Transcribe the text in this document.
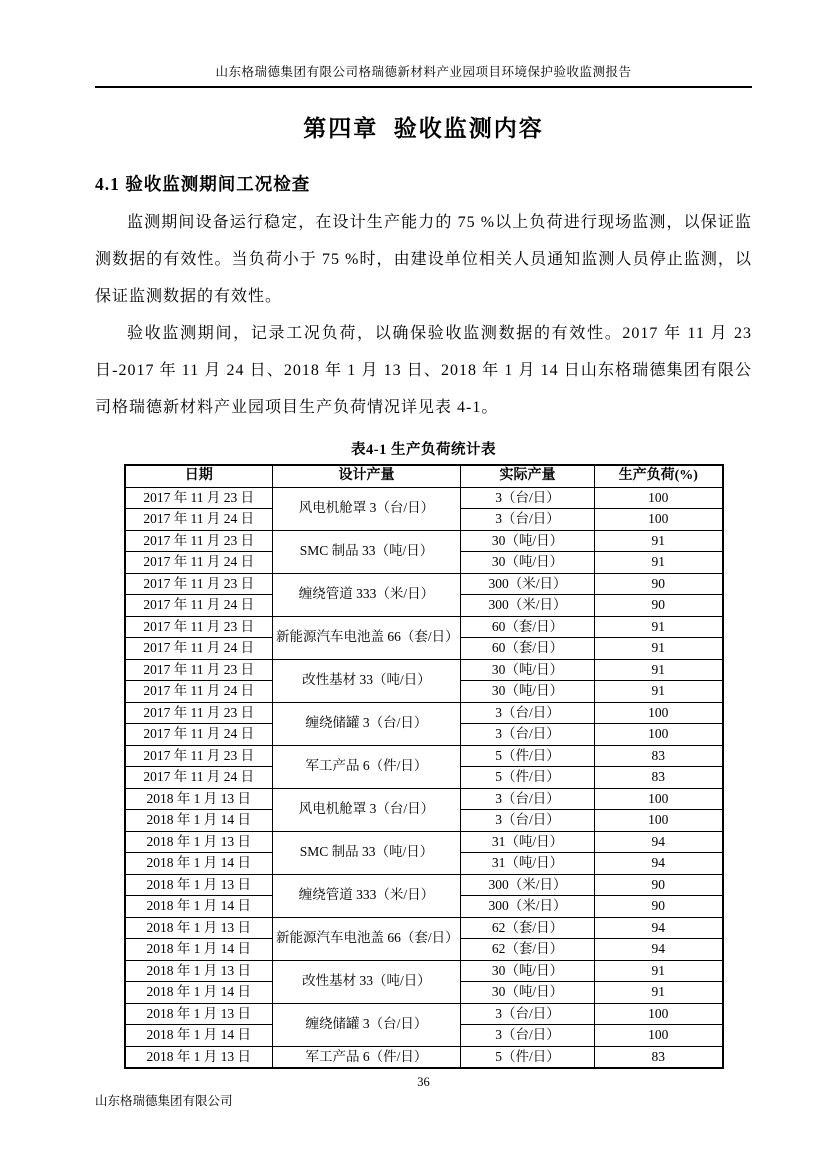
山东格瑞德集团有限公司格瑞德新材料产业园项目环境保护验收监测报告
第四章  验收监测内容
4.1 验收监测期间工况检查

监测期间设备运行稳定，在设计生产能力的 75 %以上负荷进行现场监测，以保证监测数据的有效性。当负荷小于 75 %时，由建设单位相关人员通知监测人员停止监测，以保证监测数据的有效性。

验收监测期间，记录工况负荷，以确保验收监测数据的有效性。2017 年 11 月 23 日-2017 年 11 月 24 日、2018 年 1 月 13 日、2018 年 1 月 14 日山东格瑞德集团有限公司格瑞德新材料产业园项目生产负荷情况详见表 4-1。

表4-1 生产负荷统计表
日期	设计产量	实际产量	生产负荷(%)
2017 年 11 月 23 日	风电机舱罩 3（台/日）	3（台/日）	100
2017 年 11 月 24 日		3（台/日）	100
2017 年 11 月 23 日	SMC 制品 33（吨/日）	30（吨/日）	91
2017 年 11 月 24 日		30（吨/日）	91
2017 年 11 月 23 日	缠绕管道 333（米/日）	300（米/日）	90
2017 年 11 月 24 日		300（米/日）	90
2017 年 11 月 23 日	新能源汽车电池盖 66（套/日）	60（套/日）	91
2017 年 11 月 24 日		60（套/日）	91
2017 年 11 月 23 日	改性基材 33（吨/日）	30（吨/日）	91
2017 年 11 月 24 日		30（吨/日）	91
2017 年 11 月 23 日	缠绕储罐 3（台/日）	3（台/日）	100
2017 年 11 月 24 日		3（台/日）	100
2017 年 11 月 23 日	军工产品 6（件/日）	5（件/日）	83
2017 年 11 月 24 日		5（件/日）	83
2018 年 1 月 13 日	风电机舱罩 3（台/日）	3（台/日）	100
2018 年 1 月 14 日		3（台/日）	100
2018 年 1 月 13 日	SMC 制品 33（吨/日）	31（吨/日）	94
2018 年 1 月 14 日		31（吨/日）	94
2018 年 1 月 13 日	缠绕管道 333（米/日）	300（米/日）	90
2018 年 1 月 14 日		300（米/日）	90
2018 年 1 月 13 日	新能源汽车电池盖 66（套/日）	62（套/日）	94
2018 年 1 月 14 日		62（套/日）	94
2018 年 1 月 13 日	改性基材 33（吨/日）	30（吨/日）	91
2018 年 1 月 14 日		30（吨/日）	91
2018 年 1 月 13 日	缠绕储罐 3（台/日）	3（台/日）	100
2018 年 1 月 14 日		3（台/日）	100
2018 年 1 月 13 日	军工产品 6（件/日）	5（件/日）	83
36
山东格瑞德集团有限公司
